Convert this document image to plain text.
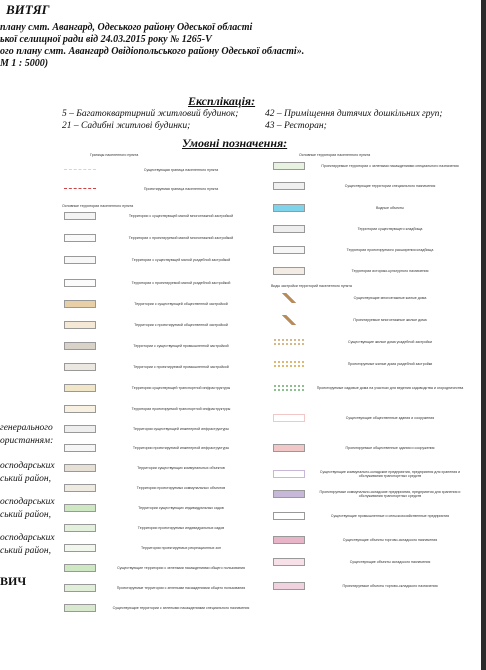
ВИТЯГ
плану смт. Авангард, Одеського району Одеської області
ької селищної ради від 24.03.2015 року № 1265-V
ого плану смт. Авангард Овідіопольського району Одеської області».
М 1 : 5000)
Експлікація:
5 – Багатоквартирний житловий будинок;
21 – Садибні житлові будинки;
42 – Приміщення дитячих дошкільних груп;
43 – Ресторан;
Умовні позначення:
Границы населенного пункта
Основные территории населенного пункта
Существующая граница населенного пункта
Проектируемая граница населенного пункта
Территории с существующей малой многоэтажной застройкой
Территории с проектируемой малой многоэтажной застройкой
Территории с существующей малой усадебной застройкой
Территории с проектируемой малой усадебной застройкой
Территории с существующей общественной застройкой
Территории с проектируемой общественной застройкой
Территории с существующей промышленной застройкой
Территории с проектируемой промышленной застройкой
Территории существующей транспортной инфраструктуры
Территории проектируемой транспортной инфраструктуры
Территории существующей инженерной инфраструктуры
Территории проектируемой инженерной инфраструктуры
Территории существующих коммунальных объектов
Территории проектируемых коммунальных объектов
Территории существующих индивидуальных садов
Территории проектируемых индивидуальных садов
Территории проектируемых рекреационных зон
Существующие территории с зелеными насаждениями общего пользования
Проектируемые территории с зелеными насаждениями общего пользования
Существующие территории с зелеными насаждениями специального назначения
Основные территории населенного пункта
Виды застройки территорий населенного пункта
Проектируемые территории с зелеными насаждениями специального назначения
Существующие территории специального назначения
Водные объекты
Территории существующего кладбища
Территории проектируемого расширения кладбища
Территории историко-культурного назначения
Существующие многоэтажные жилые дома
Проектируемые многоэтажные жилые дома
Существующие жилые дома усадебной застройки
Проектируемые жилые дома усадебной застройки
Проектируемые садовые дома на участках для ведения садоводства и огородничества
Существующие общественные здания и сооружения
Проектируемые общественные здания и сооружения
Существующие коммунально-складские предприятия, предприятия для хранения и обслуживания транспортных средств
Проектируемые коммунально-складские предприятия, предприятия для хранения и обслуживания транспортных средств
Существующие промышленные и сельскохозяйственные предприятия
Существующие объекты торгово-складского назначения
Существующие объекты складского назначения
Проектируемые объекты торгово-складского назначения
генерального
ористанням:
осподарських
ський район,
осподарських
ський район,
осподарських
ський район,
ВИЧ
